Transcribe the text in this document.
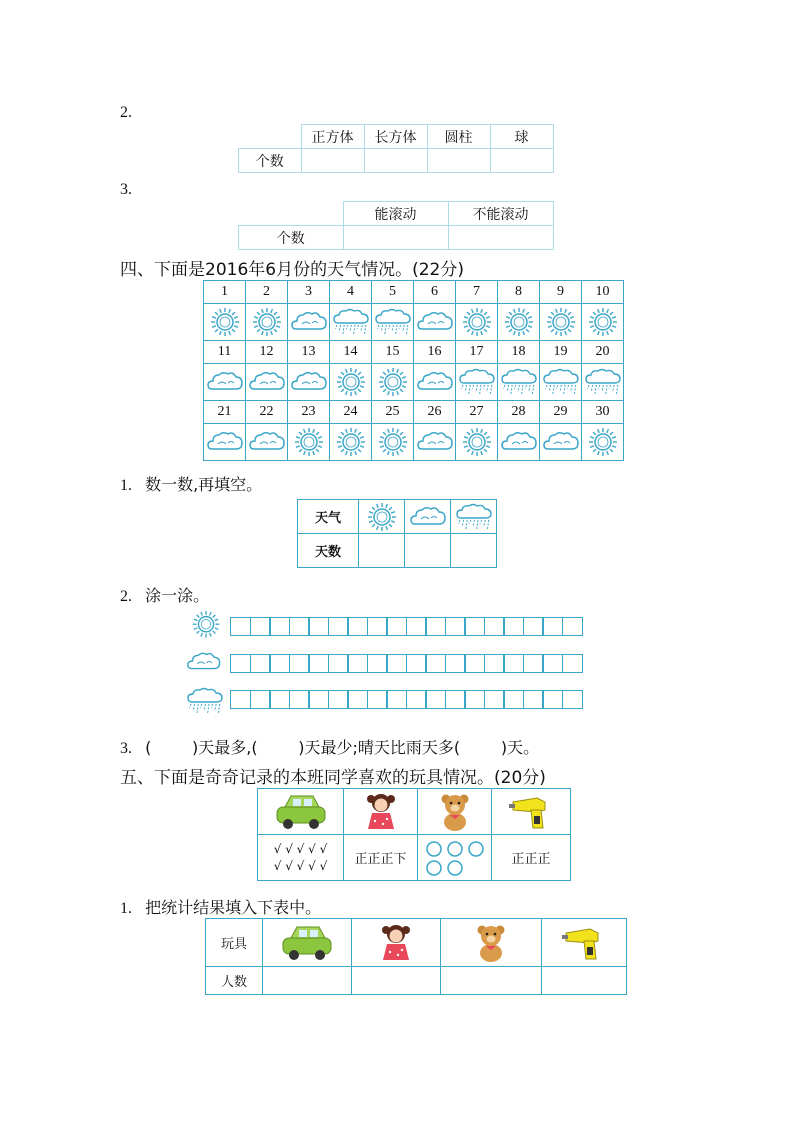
2.
	正方体	长方体	圆柱	球
个数				
3.
	能滚动	不能滚动
个数		
四、下面是2016年6月份的天气情况。(22分)
1	2	3	4	5	6	7	8	9	10

11	12	13	14	15	16	17	18	19	20

21	22	23	24	25	26	27	28	29	30

1. 数一数,再填空。
天气	

天数			
2. 涂一涂。
3. (        )天最多,(        )天最少;晴天比雨天多(        )天。
五、下面是奇奇记录的本班同学喜欢的玩具情况。(20分)

√ √ √ √ √
√ √ √ √ √	正正正下		正正正
1. 把统计结果填入下表中。
玩具	

人数				
